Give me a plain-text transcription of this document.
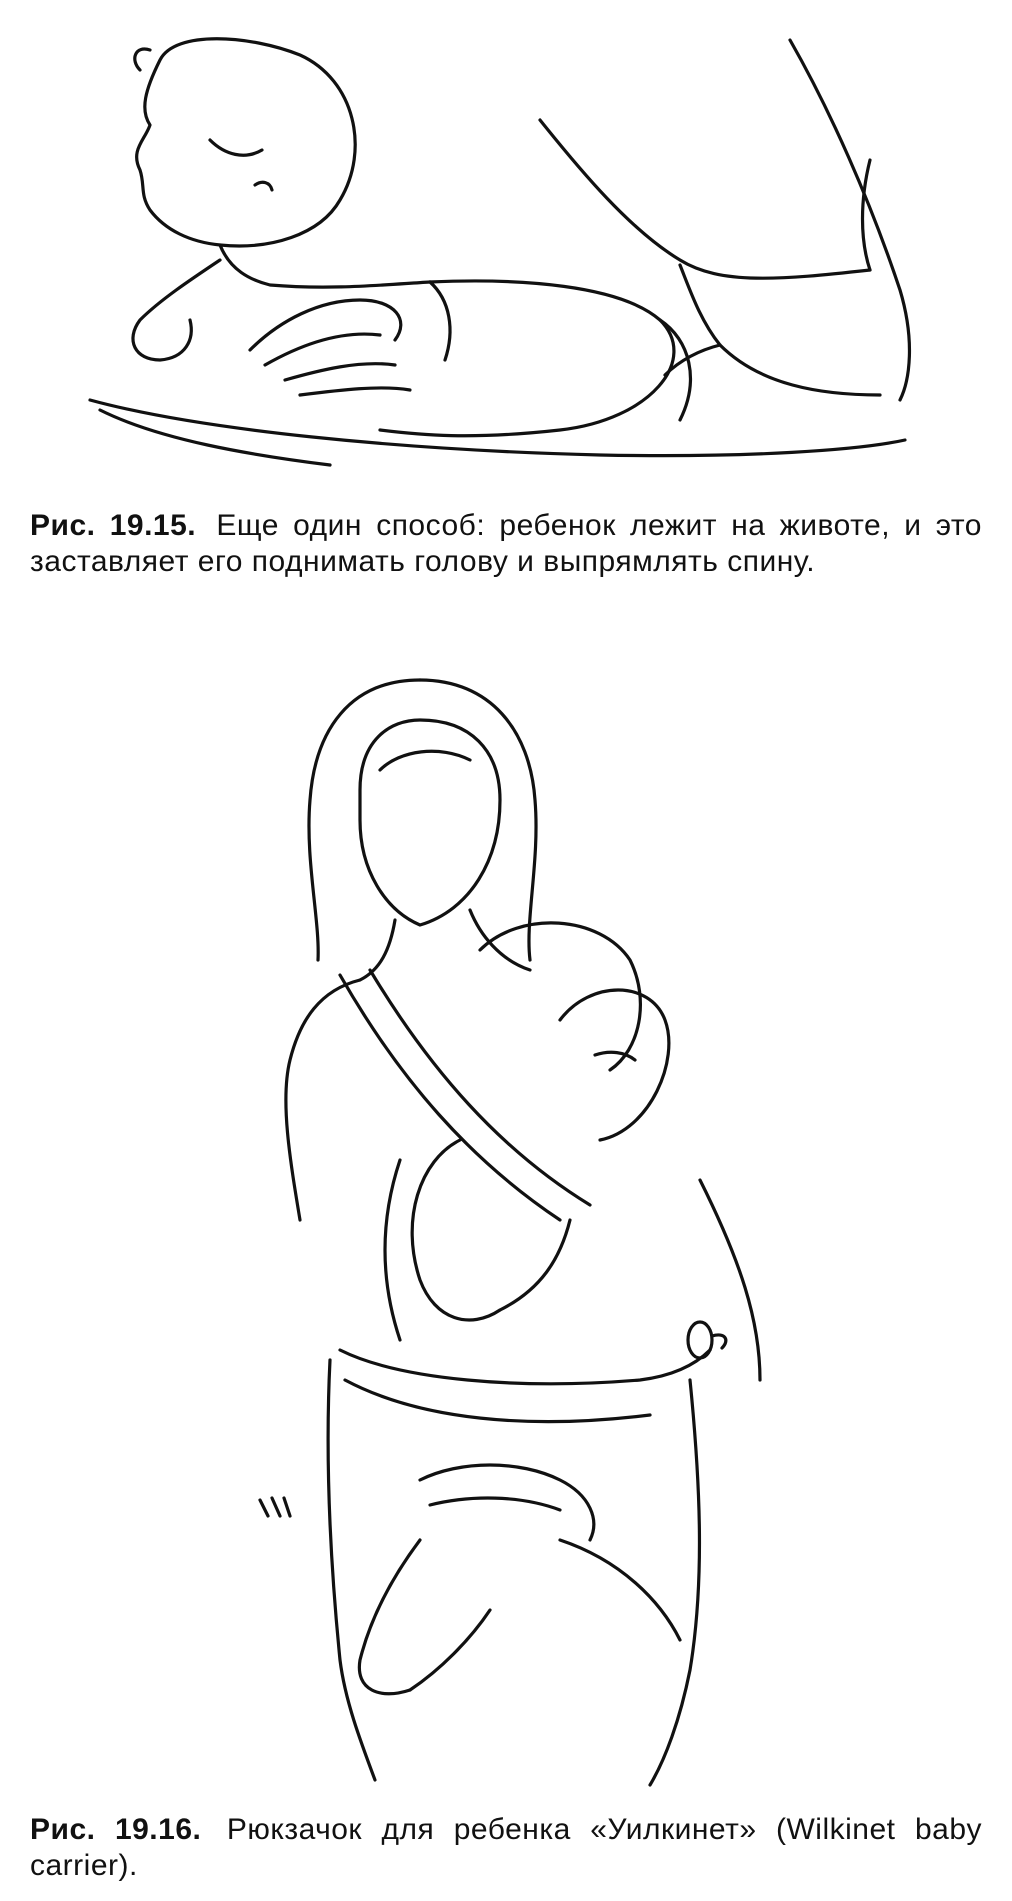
Рис. 19.15. Еще один способ: ребенок лежит на животе, и это заставляет его поднимать голову и выпрямлять спину.
Рис. 19.16. Рюкзачок для ребенка «Уилкинет» (Wilkinet baby carrier).
